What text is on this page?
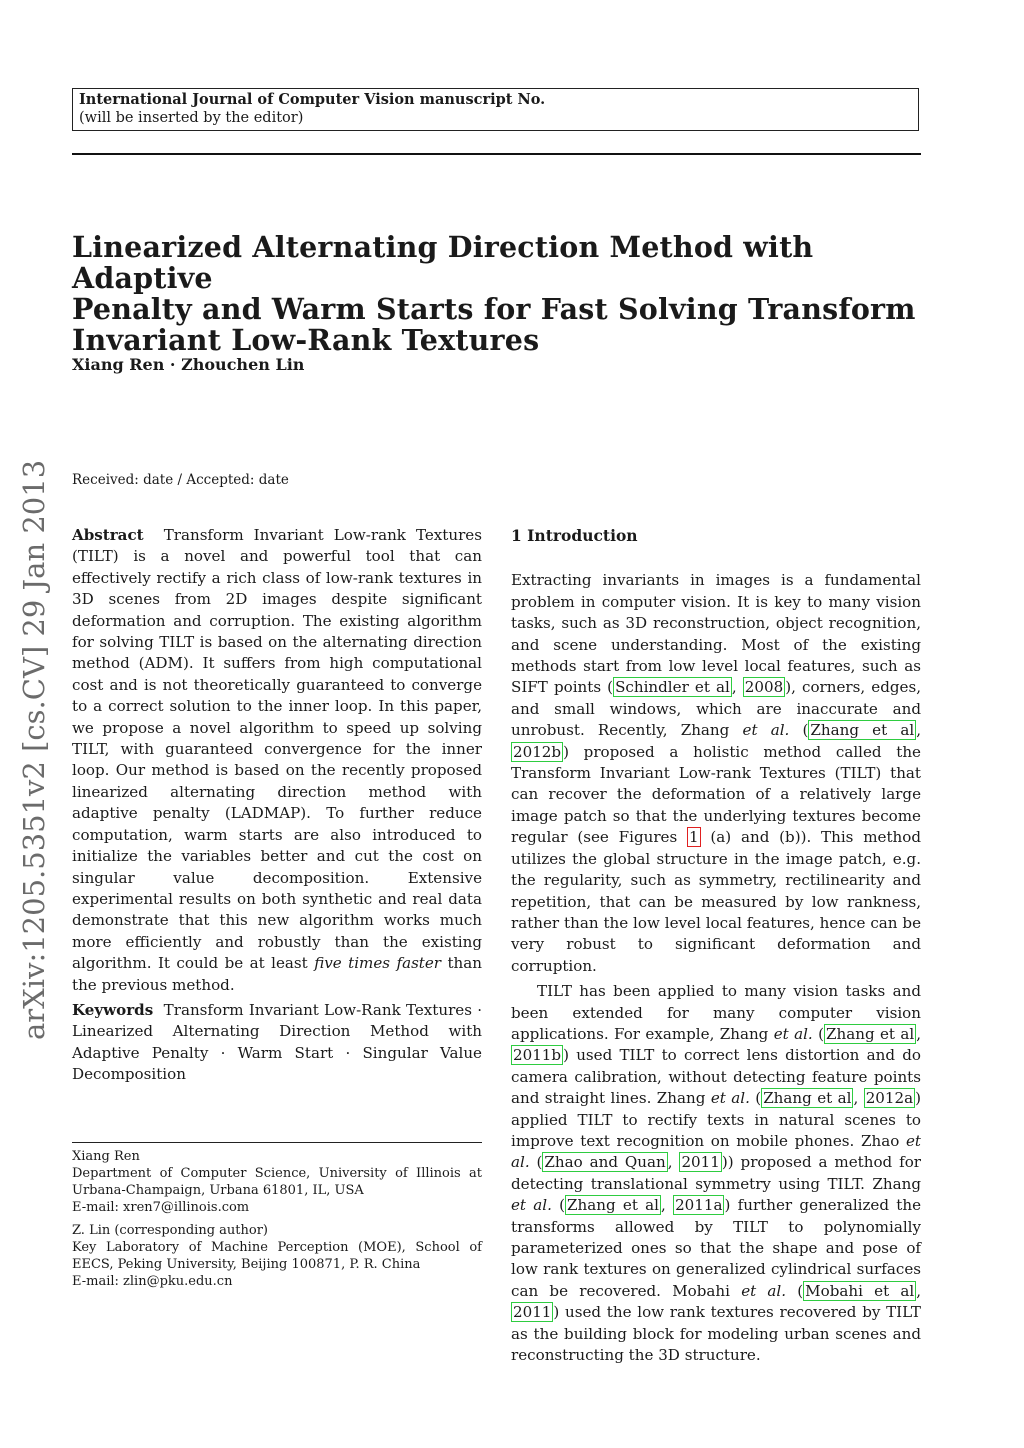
International Journal of Computer Vision manuscript No.
(will be inserted by the editor)
Linearized Alternating Direction Method with Adaptive
Penalty and Warm Starts for Fast Solving Transform
Invariant Low-Rank Textures
Xiang Ren · Zhouchen Lin
arXiv:1205.5351v2 [cs.CV] 29 Jan 2013	Received: date / Accepted: date

Abstract Transform Invariant Low-rank Textures (TILT) is a novel and powerful tool that can effectively rectify a rich class of low-rank textures in 3D scenes from 2D images despite significant deformation and corruption. The existing algorithm for solving TILT is based on the alternating direction method (ADM). It suffers from high computational cost and is not theoretically guaranteed to converge to a correct solution to the inner loop. In this paper, we propose a novel algorithm to speed up solving TILT, with guaranteed convergence for the inner loop. Our method is based on the recently proposed linearized alternating direction method with adaptive penalty (LADMAP). To further reduce computation, warm starts are also introduced to initialize the variables better and cut the cost on singular value decomposition. Extensive experimental results on both synthetic and real data demonstrate that this new algorithm works much more efficiently and robustly than the existing algorithm. It could be at least five times faster than the previous method.

Keywords Transform Invariant Low-Rank Textures · Linearized Alternating Direction Method with Adaptive Penalty · Warm Start · Singular Value Decomposition

Xiang Ren
Department of Computer Science, University of Illinois at Urbana-Champaign, Urbana 61801, IL, USA
E-mail: xren7@illinois.com

Z. Lin (corresponding author)
Key Laboratory of Machine Perception (MOE), School of EECS, Peking University, Beijing 100871, P. R. China
E-mail: zlin@pku.edu.cn

1 Introduction

Extracting invariants in images is a fundamental problem in computer vision. It is key to many vision tasks, such as 3D reconstruction, object recognition, and scene understanding. Most of the existing methods start from low level local features, such as SIFT points ( Schindler et al , 2008 ), corners, edges, and small windows, which are inaccurate and unrobust. Recently, Zhang et al. ( Zhang et al , 2012b ) proposed a holistic method called the Transform Invariant Low-rank Textures (TILT) that can recover the deformation of a relatively large image patch so that the underlying textures become regular (see Figures 1 (a) and (b)). This method utilizes the global structure in the image patch, e.g. the regularity, such as symmetry, rectilinearity and repetition, that can be measured by low rankness, rather than the low level local features, hence can be very robust to significant deformation and corruption.

TILT has been applied to many vision tasks and been extended for many computer vision applications. For example, Zhang et al. ( Zhang et al , 2011b ) used TILT to correct lens distortion and do camera calibration, without detecting feature points and straight lines. Zhang et al. ( Zhang et al , 2012a ) applied TILT to rectify texts in natural scenes to improve text recognition on mobile phones. Zhao et al. ( Zhao and Quan , 2011 )) proposed a method for detecting translational symmetry using TILT. Zhang et al. ( Zhang et al , 2011a ) further generalized the transforms allowed by TILT to polynomially parameterized ones so that the shape and pose of low rank textures on generalized cylindrical surfaces can be recovered. Mobahi et al. ( Mobahi et al , 2011 ) used the low rank textures recovered by TILT as the building block for modeling urban scenes and reconstructing the 3D structure.
